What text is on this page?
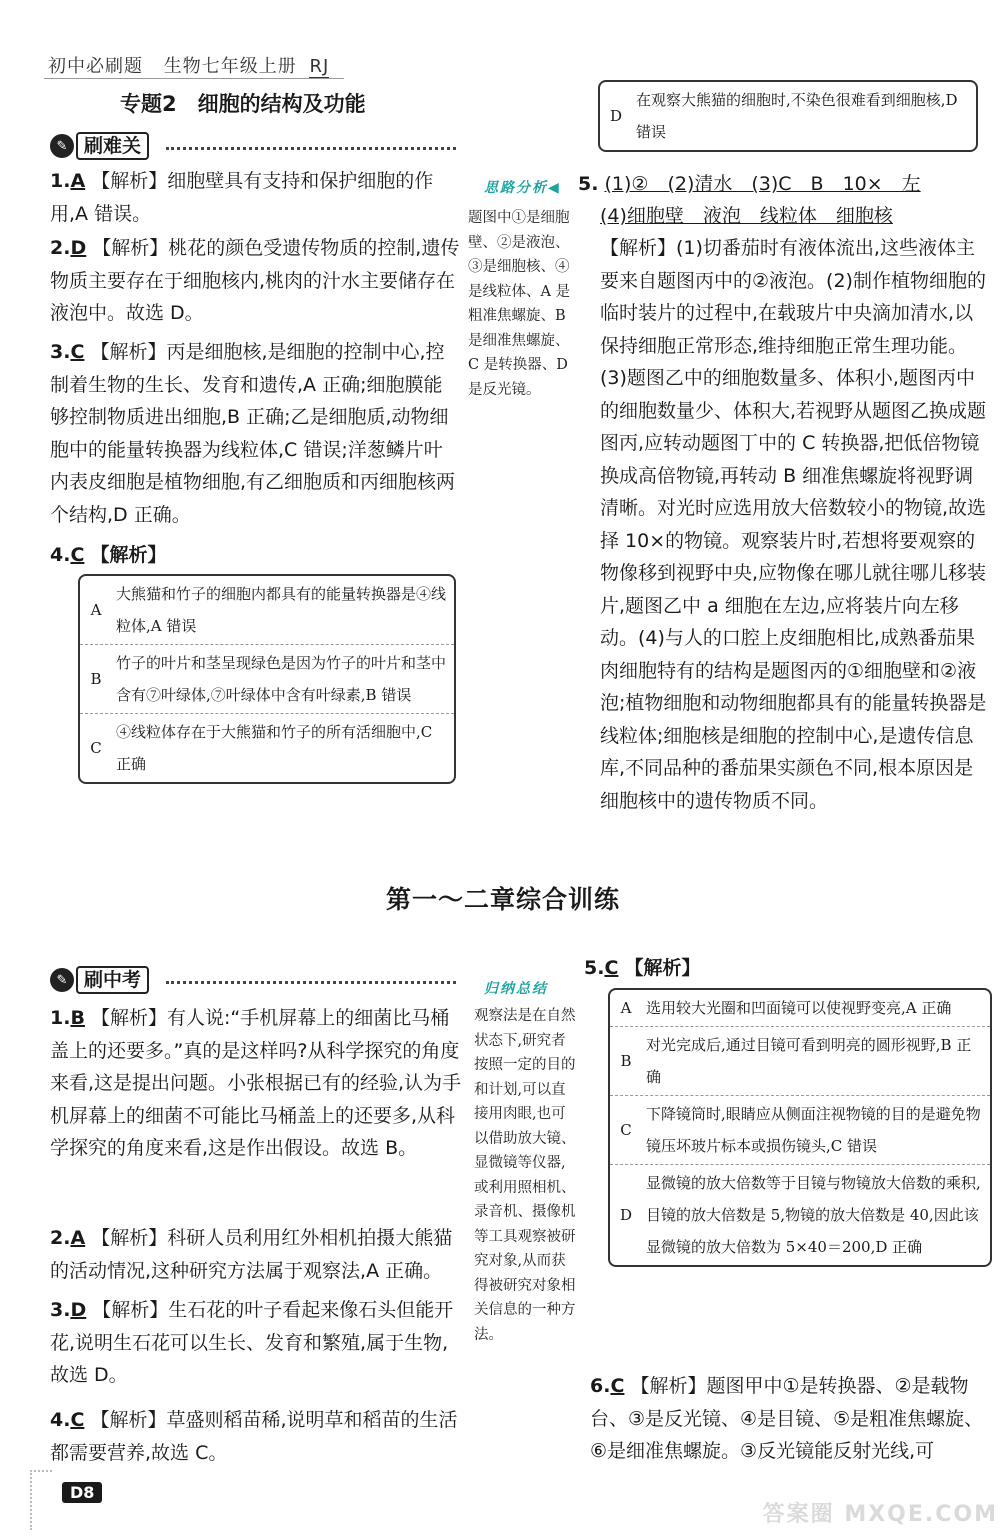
初中必刷题 生物七年级上册 RJ
专题2　细胞的结构及功能
✎ 刷难关
1.A 【解析】细胞壁具有支持和保护细胞的作用,A 错误。
2.D 【解析】桃花的颜色受遗传物质的控制,遗传物质主要存在于细胞核内,桃肉的汁水主要储存在液泡中。故选 D。
3.C 【解析】丙是细胞核,是细胞的控制中心,控制着生物的生长、发育和遗传,A 正确;细胞膜能够控制物质进出细胞,B 正确;乙是细胞质,动物细胞中的能量转换器为线粒体,C 错误;洋葱鳞片叶内表皮细胞是植物细胞,有乙细胞质和丙细胞核两个结构,D 正确。
4.C 【解析】
A
大熊猫和竹子的细胞内都具有的能量转换器是④线粒体,A 错误
B
竹子的叶片和茎呈现绿色是因为竹子的叶片和茎中含有⑦叶绿体,⑦叶绿体中含有叶绿素,B 错误
C
④线粒体存在于大熊猫和竹子的所有活细胞中,C 正确
D
在观察大熊猫的细胞时,不染色很难看到细胞核,D 错误
思路分析◀
题图中①是细胞壁、②是液泡、③是细胞核、④是线粒体、A 是粗准焦螺旋、B 是细准焦螺旋、C 是转换器、D 是反光镜。
5. (1)②　(2)清水　(3)C　B　10×　左
(4)细胞壁　液泡　线粒体　细胞核
【解析】(1)切番茄时有液体流出,这些液体主要来自题图丙中的②液泡。(2)制作植物细胞的临时装片的过程中,在载玻片中央滴加清水,以保持细胞正常形态,维持细胞正常生理功能。(3)题图乙中的细胞数量多、体积小,题图丙中的细胞数量少、体积大,若视野从题图乙换成题图丙,应转动题图丁中的 C 转换器,把低倍物镜换成高倍物镜,再转动 B 细准焦螺旋将视野调清晰。对光时应选用放大倍数较小的物镜,故选择 10×的物镜。观察装片时,若想将要观察的物像移到视野中央,应物像在哪儿就往哪儿移装片,题图乙中 a 细胞在左边,应将装片向左移动。(4)与人的口腔上皮细胞相比,成熟番茄果肉细胞特有的结构是题图丙的①细胞壁和②液泡;植物细胞和动物细胞都具有的能量转换器是线粒体;细胞核是细胞的控制中心,是遗传信息库,不同品种的番茄果实颜色不同,根本原因是细胞核中的遗传物质不同。
第一～二章综合训练
✎ 刷中考
1.B 【解析】有人说:“手机屏幕上的细菌比马桶盖上的还要多。”真的是这样吗?从科学探究的角度来看,这是提出问题。小张根据已有的经验,认为手机屏幕上的细菌不可能比马桶盖上的还要多,从科学探究的角度来看,这是作出假设。故选 B。
2.A 【解析】科研人员利用红外相机拍摄大熊猫的活动情况,这种研究方法属于观察法,A 正确。
3.D 【解析】生石花的叶子看起来像石头但能开花,说明生石花可以生长、发育和繁殖,属于生物,故选 D。
4.C 【解析】草盛则稻苗稀,说明草和稻苗的生活都需要营养,故选 C。
归纳总结
观察法是在自然状态下,研究者按照一定的目的和计划,可以直接用肉眼,也可以借助放大镜、显微镜等仪器,或利用照相机、录音机、摄像机等工具观察被研究对象,从而获得被研究对象相关信息的一种方法。
5.C 【解析】
A 选用较大光圈和凹面镜可以使视野变亮,A 正确
B
对光完成后,通过目镜可看到明亮的圆形视野,B 正确
C
下降镜筒时,眼睛应从侧面注视物镜的目的是避免物镜压坏玻片标本或损伤镜头,C 错误
D
显微镜的放大倍数等于目镜与物镜放大倍数的乘积,目镜的放大倍数是 5,物镜的放大倍数是 40,因此该显微镜的放大倍数为 5×40＝200,D 正确
6.C 【解析】题图甲中①是转换器、②是载物台、③是反光镜、④是目镜、⑤是粗准焦螺旋、⑥是细准焦螺旋。③反光镜能反射光线,可
D8
答案圈 MXQE.COM
